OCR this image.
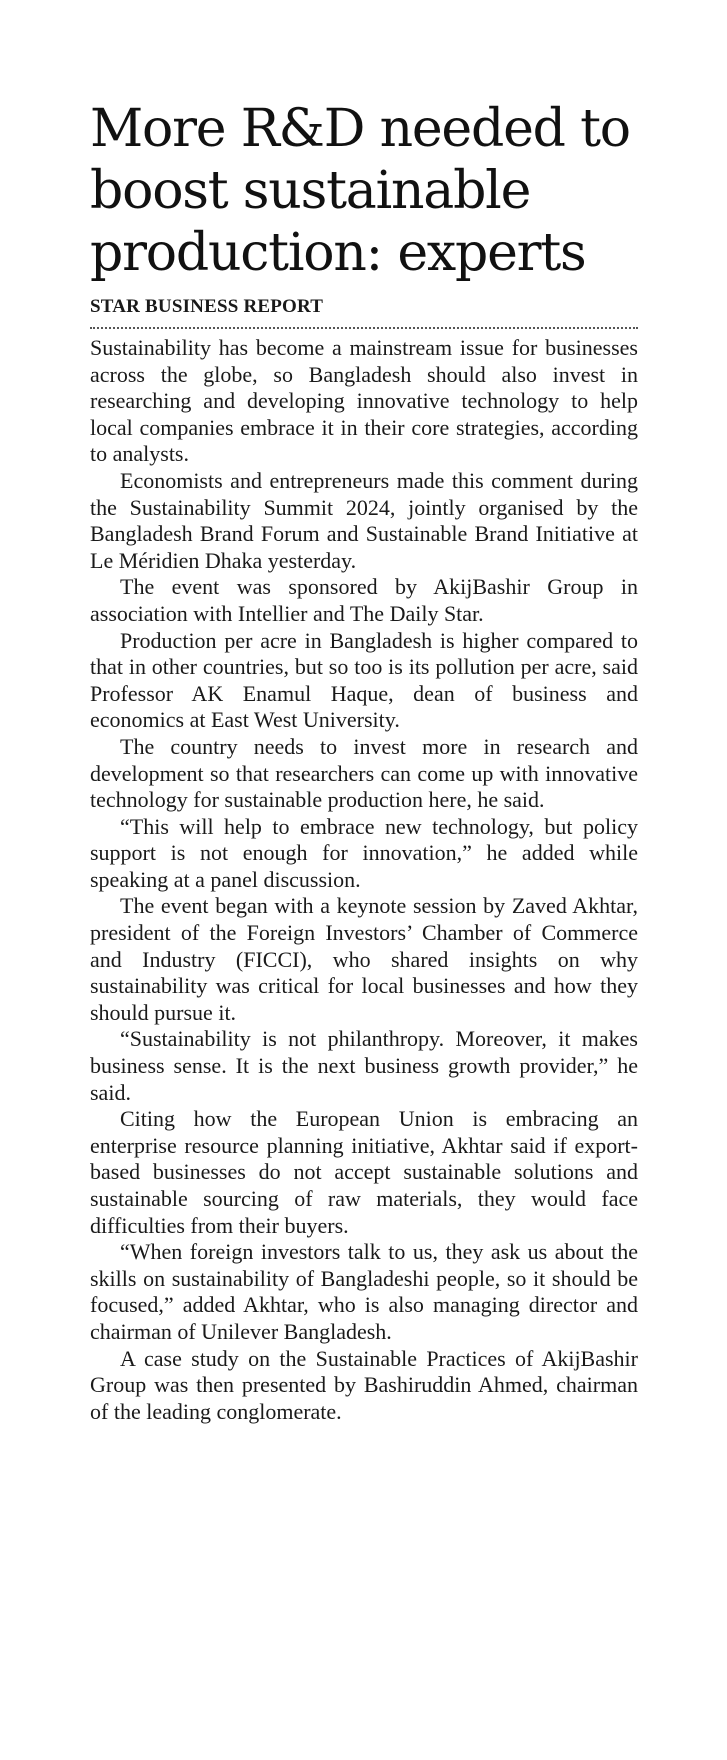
More R&D needed to boost sustainable production: experts
STAR BUSINESS REPORT

Sustainability has become a mainstream issue for businesses across the globe, so Bangladesh should also invest in researching and developing innovative technology to help local companies embrace it in their core strategies, according to analysts.

Economists and entrepreneurs made this comment during the Sustainability Summit 2024, jointly organised by the Bangladesh Brand Forum and Sustainable Brand Initiative at Le Méridien Dhaka yesterday.

The event was sponsored by AkijBashir Group in association with Intellier and The Daily Star.

Production per acre in Bangladesh is higher compared to that in other countries, but so too is its pollution per acre, said Professor AK Enamul Haque, dean of business and economics at East West University.

The country needs to invest more in research and development so that researchers can come up with innovative technology for sustainable production here, he said.

“This will help to embrace new technology, but policy support is not enough for innovation,” he added while speaking at a panel discussion.

The event began with a keynote session by Zaved Akhtar, president of the Foreign Investors’ Chamber of Commerce and Industry (FICCI), who shared insights on why sustainability was critical for local businesses and how they should pursue it.

“Sustainability is not philanthropy. Moreover, it makes business sense. It is the next business growth provider,” he said.

Citing how the European Union is embracing an enterprise resource planning initiative, Akhtar said if export-based businesses do not accept sustainable solutions and sustainable sourcing of raw materials, they would face difficulties from their buyers.

“When foreign investors talk to us, they ask us about the skills on sustainability of Bangladeshi people, so it should be focused,” added Akhtar, who is also managing director and chairman of Unilever Bangladesh.

A case study on the Sustainable Practices of AkijBashir Group was then presented by Bashiruddin Ahmed, chairman of the leading conglomerate.
